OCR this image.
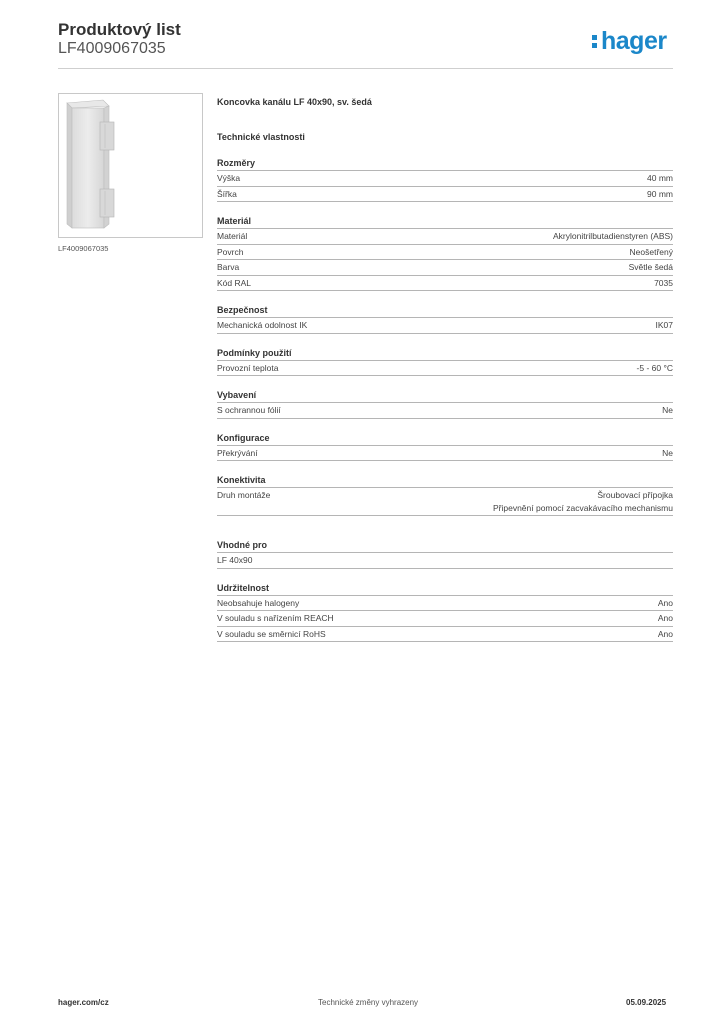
Produktový list
LF4009067035	hager
LF4009067035
Koncovka kanálu LF 40x90, sv. šedá
Technické vlastnosti
Rozměry
Výška	40 mm
Šířka	90 mm
Materiál
Materiál	Akrylonitrilbutadienstyren (ABS)
Povrch	Neošetřený
Barva	Světle šedá
Kód RAL	7035
Bezpečnost
Mechanická odolnost IK	IK07
Podmínky použití
Provozní teplota	-5 - 60 °C
Vybavení
S ochrannou fólií	Ne
Konfigurace
Překrývání	Ne
Konektivita
Druh montáže	Šroubovací přípojka
Připevnění pomocí zacvakávacího mechanismu
Vhodné pro
LF 40x90
Udržitelnost
Neobsahuje halogeny	Ano
V souladu s nařízením REACH	Ano
V souladu se směrnicí RoHS	Ano
hager.com/cz	Technické změny vyhrazeny	05.09.2025
